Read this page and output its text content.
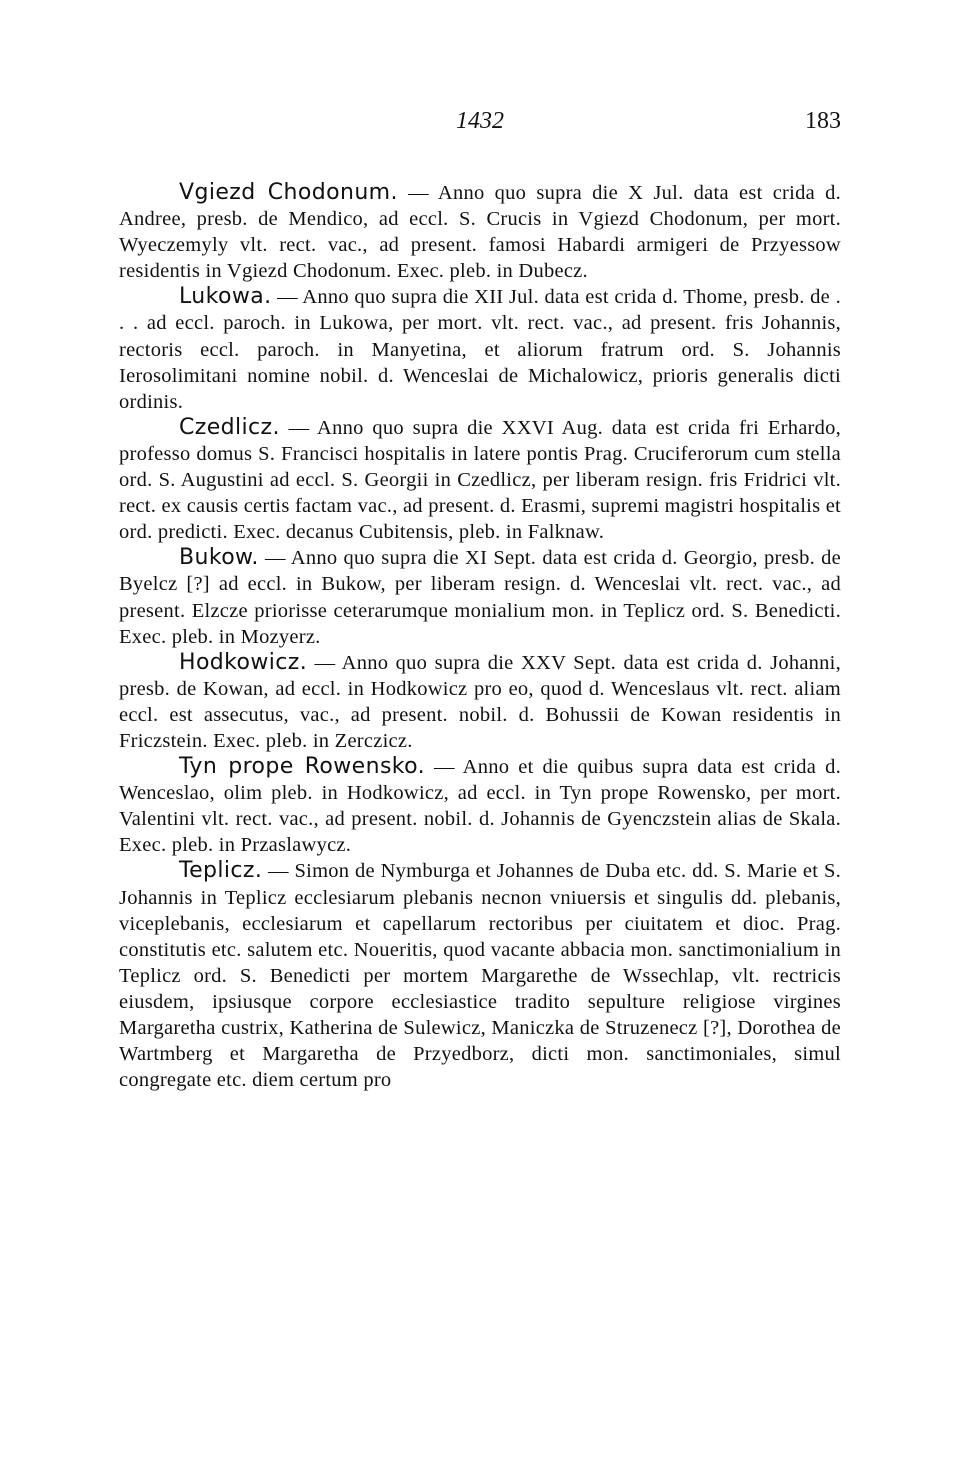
1432	183

Vgiezd Chodonum. — Anno quo supra die X Jul. data est crida d. Andree, presb. de Mendico, ad eccl. S. Crucis in Vgiezd Chodonum, per mort. Wyeczemyly vlt. rect. vac., ad present. famosi Habardi armigeri de Przyessow residentis in Vgiezd Chodonum. Exec. pleb. in Dubecz.

Lukowa. — Anno quo supra die XII Jul. data est crida d. Thome, presb. de . . . ad eccl. paroch. in Lukowa, per mort. vlt. rect. vac., ad present. fris Johannis, rectoris eccl. paroch. in Manyetina, et aliorum fratrum ord. S. Johannis Ierosolimitani nomine nobil. d. Wenceslai de Michalowicz, prioris generalis dicti ordinis.

Czedlicz. — Anno quo supra die XXVI Aug. data est crida fri Erhardo, professo domus S. Francisci hospitalis in latere pontis Prag. Cruciferorum cum stella ord. S. Augustini ad eccl. S. Georgii in Czedlicz, per liberam resign. fris Fridrici vlt. rect. ex causis certis factam vac., ad present. d. Erasmi, supremi magistri hospitalis et ord. predicti. Exec. decanus Cubitensis, pleb. in Falknaw.

Bukow. — Anno quo supra die XI Sept. data est crida d. Georgio, presb. de Byelcz [?] ad eccl. in Bukow, per liberam resign. d. Wenceslai vlt. rect. vac., ad present. Elzcze priorisse ceterarumque monialium mon. in Teplicz ord. S. Benedicti. Exec. pleb. in Mozyerz.

Hodkowicz. — Anno quo supra die XXV Sept. data est crida d. Johanni, presb. de Kowan, ad eccl. in Hodkowicz pro eo, quod d. Wenceslaus vlt. rect. aliam eccl. est assecutus, vac., ad present. nobil. d. Bohussii de Kowan residentis in Friczstein. Exec. pleb. in Zerczicz.

Tyn prope Rowensko. — Anno et die quibus supra data est crida d. Wenceslao, olim pleb. in Hodkowicz, ad eccl. in Tyn prope Rowensko, per mort. Valentini vlt. rect. vac., ad present. nobil. d. Johannis de Gyenczstein alias de Skala. Exec. pleb. in Przaslawycz.

Teplicz. — Simon de Nymburga et Johannes de Duba etc. dd. S. Marie et S. Johannis in Teplicz ecclesiarum plebanis necnon vniuersis et singulis dd. plebanis, viceplebanis, ecclesiarum et capellarum rectoribus per ciuitatem et dioc. Prag. constitutis etc. salutem etc. Noueritis, quod vacante abbacia mon. sanctimonialium in Teplicz ord. S. Benedicti per mortem Margarethe de Wssechlap, vlt. rectricis eiusdem, ipsiusque corpore ecclesiastice tradito sepulture religiose virgines Margaretha custrix, Katherina de Sulewicz, Maniczka de Struzenecz [?], Dorothea de Wartmberg et Margaretha de Przyedborz, dicti mon. sanctimoniales, simul congregate etc. diem certum pro
